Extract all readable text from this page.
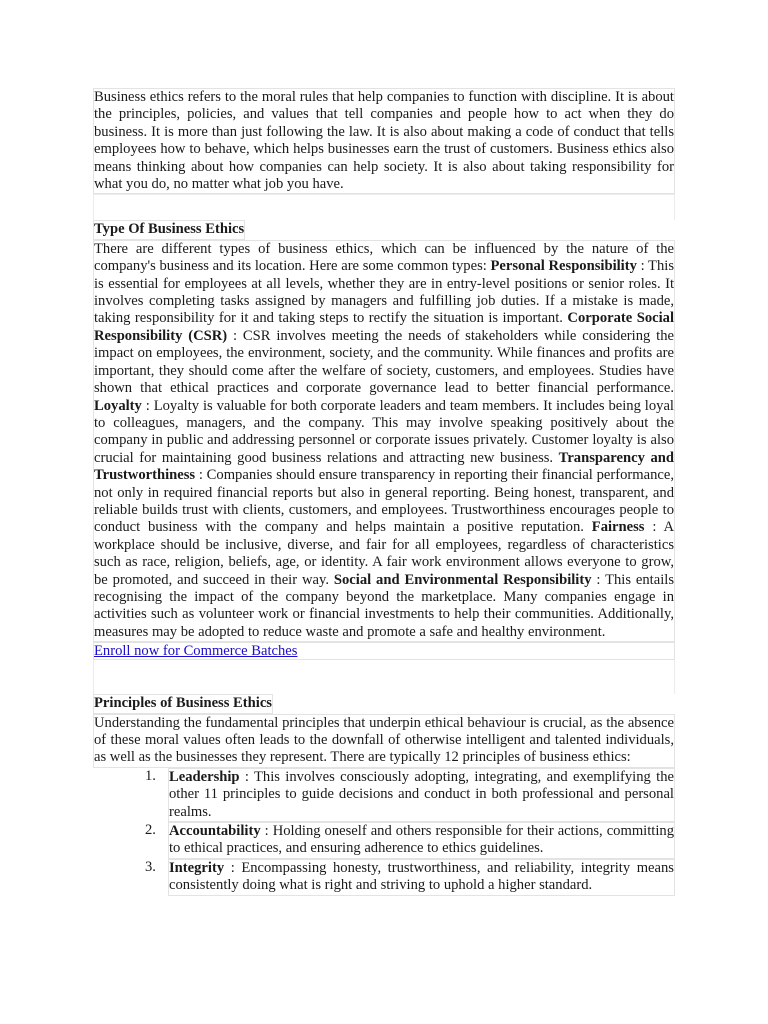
Business ethics refers to the moral rules that help companies to function with discipline. It is about the principles, policies, and values that tell companies and people how to act when they do business. It is more than just following the law. It is also about making a code of conduct that tells employees how to behave, which helps businesses earn the trust of customers. Business ethics also means thinking about how companies can help society. It is also about taking responsibility for what you do, no matter what job you have.

Type Of Business Ethics

There are different types of business ethics, which can be influenced by the nature of the company's business and its location. Here are some common types: Personal Responsibility : This is essential for employees at all levels, whether they are in entry-level positions or senior roles. It involves completing tasks assigned by managers and fulfilling job duties. If a mistake is made, taking responsibility for it and taking steps to rectify the situation is important. Corporate Social Responsibility (CSR) : CSR involves meeting the needs of stakeholders while considering the impact on employees, the environment, society, and the community. While finances and profits are important, they should come after the welfare of society, customers, and employees. Studies have shown that ethical practices and corporate governance lead to better financial performance. Loyalty : Loyalty is valuable for both corporate leaders and team members. It includes being loyal to colleagues, managers, and the company. This may involve speaking positively about the company in public and addressing personnel or corporate issues privately. Customer loyalty is also crucial for maintaining good business relations and attracting new business. Transparency and Trustworthiness : Companies should ensure transparency in reporting their financial performance, not only in required financial reports but also in general reporting. Being honest, transparent, and reliable builds trust with clients, customers, and employees. Trustworthiness encourages people to conduct business with the company and helps maintain a positive reputation. Fairness : A workplace should be inclusive, diverse, and fair for all employees, regardless of characteristics such as race, religion, beliefs, age, or identity. A fair work environment allows everyone to grow, be promoted, and succeed in their way. Social and Environmental Responsibility : This entails recognising the impact of the company beyond the marketplace. Many companies engage in activities such as volunteer work or financial investments to help their communities. Additionally, measures may be adopted to reduce waste and promote a safe and healthy environment.

Enroll now for Commerce Batches
Principles of Business Ethics

Understanding the fundamental principles that underpin ethical behaviour is crucial, as the absence of these moral values often leads to the downfall of otherwise intelligent and talented individuals, as well as the businesses they represent. There are typically 12 principles of business ethics:

1. Leadership : This involves consciously adopting, integrating, and exemplifying the other 11 principles to guide decisions and conduct in both professional and personal realms.
2. Accountability : Holding oneself and others responsible for their actions, committing to ethical practices, and ensuring adherence to ethics guidelines.
3. Integrity : Encompassing honesty, trustworthiness, and reliability, integrity means consistently doing what is right and striving to uphold a higher standard.
